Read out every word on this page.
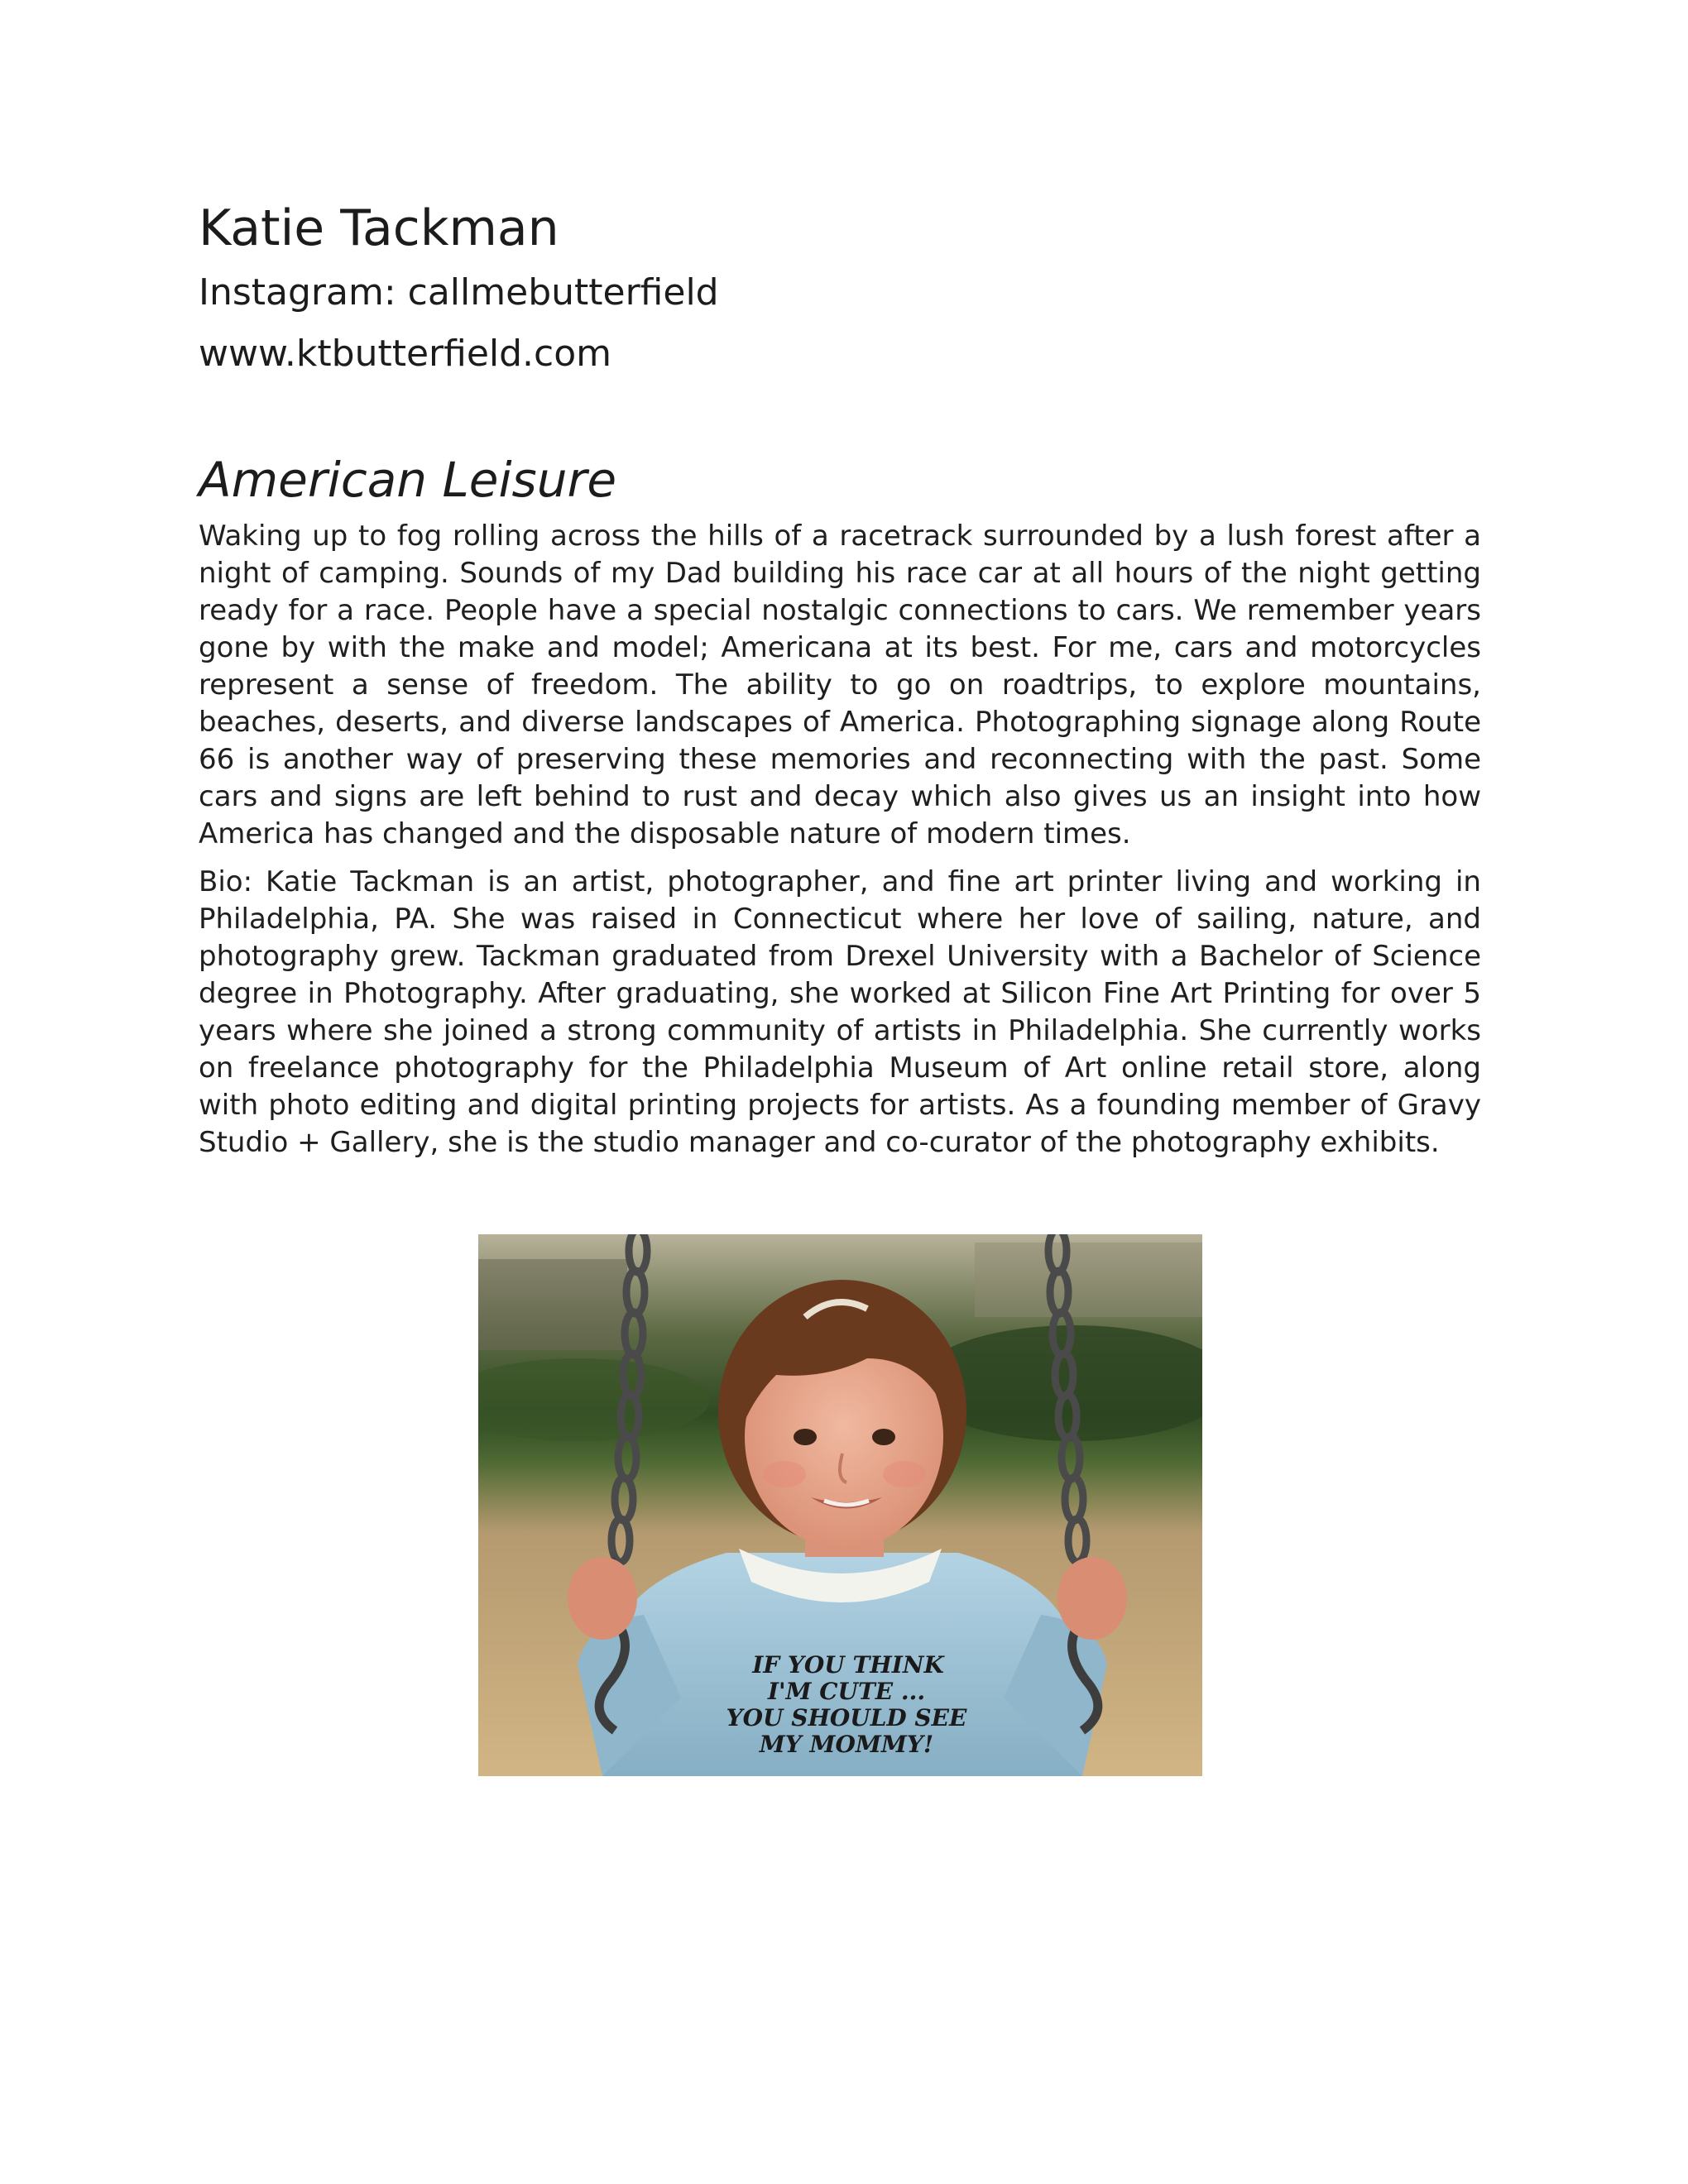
Katie Tackman

Instagram: callmebutterfield

www.ktbutterfield.com

American Leisure

Waking up to fog rolling across the hills of a racetrack surrounded by a lush forest after a night of camping. Sounds of my Dad building his race car at all hours of the night getting ready for a race. People have a special nostalgic connections to cars. We remember years gone by with the make and model; Americana at its best. For me, cars and motorcycles represent a sense of freedom. The ability to go on roadtrips, to explore mountains, beaches, deserts, and diverse landscapes of America. Photographing signage along Route 66 is another way of preserving these memories and reconnecting with the past. Some cars and signs are left behind to rust and decay which also gives us an insight into how America has changed and the disposable nature of modern times.

Bio: Katie Tackman is an artist, photographer, and fine art printer living and working in Philadelphia, PA. She was raised in Connecticut where her love of sailing, nature, and photography grew. Tackman graduated from Drexel University with a Bachelor of Science degree in Photography. After graduating, she worked at Silicon Fine Art Printing for over 5 years where she joined a strong community of artists in Philadelphia. She currently works on freelance photography for the Philadelphia Museum of Art online retail store, along with photo editing and digital printing projects for artists. As a founding member of Gravy Studio + Gallery, she is the studio manager and co-curator of the photography exhibits.

IF YOU THINK
I'M CUTE ...
YOU SHOULD SEE
MY MOMMY!
